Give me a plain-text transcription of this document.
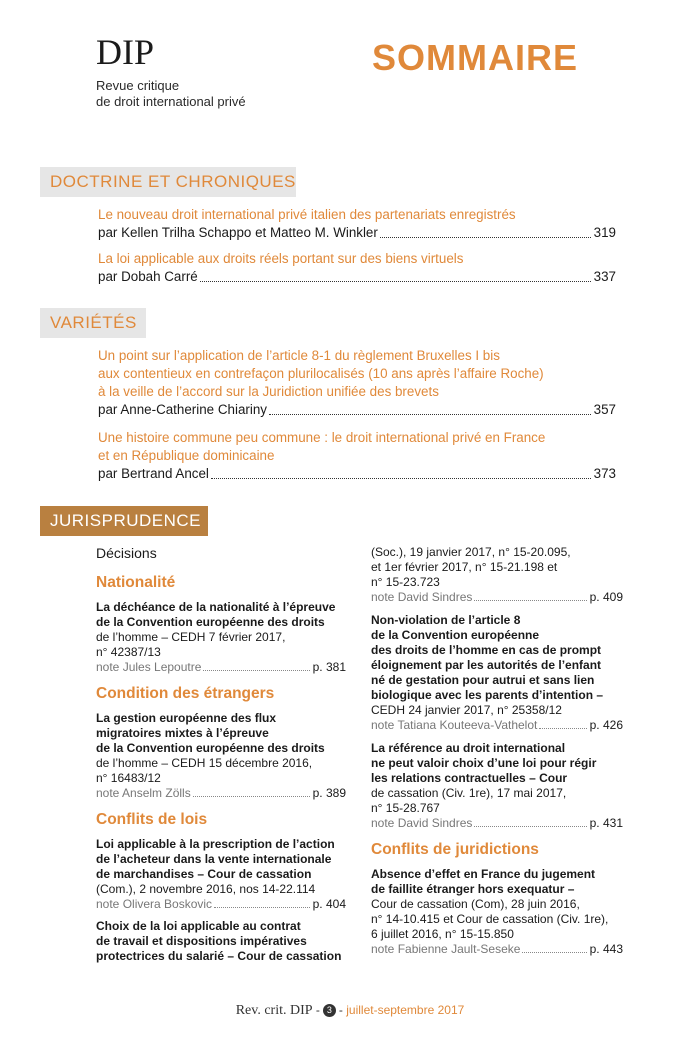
DIP
Revue critique
de droit international privé
SOMMAIRE
DOCTRINE ET CHRONIQUES
Le nouveau droit international privé italien des partenariats enregistrés
par Kellen Trilha Schappo et Matteo M. Winkler	319
La loi applicable aux droits réels portant sur des biens virtuels
par Dobah Carré	337
VARIÉTÉS
Un point sur l’application de l’article 8-1 du règlement Bruxelles I bis
aux contentieux en contrefaçon plurilocalisés (10 ans après l’affaire Roche)
à la veille de l’accord sur la Juridiction unifiée des brevets
par Anne-Catherine Chiariny	357
Une histoire commune peu commune : le droit international privé en France
et en République dominicaine
par Bertrand Ancel	373
JURISPRUDENCE
Décisions
Nationalité
La déchéance de la nationalité à l’épreuve
de la Convention européenne des droits
de l’homme – CEDH 7 février 2017,
n° 42387/13
note Jules Lepoutre	p. 381
Condition des étrangers
La gestion européenne des flux
migratoires mixtes à l’épreuve
de la Convention européenne des droits
de l’homme – CEDH 15 décembre 2016,
n° 16483/12
note Anselm Zölls	p. 389
Conflits de lois
Loi applicable à la prescription de l’action
de l’acheteur dans la vente internationale
de marchandises – Cour de cassation
(Com.), 2 novembre 2016, nos 14-22.114
note Olivera Boskovic	p. 404
Choix de la loi applicable au contrat
de travail et dispositions impératives
protectrices du salarié – Cour de cassation
(Soc.), 19 janvier 2017, n° 15-20.095,
et 1er février 2017, n° 15-21.198 et
n° 15-23.723
note David Sindres	p. 409
Non-violation de l’article 8
de la Convention européenne
des droits de l’homme en cas de prompt
éloignement par les autorités de l’enfant
né de gestation pour autrui et sans lien
biologique avec les parents d’intention –
CEDH 24 janvier 2017, n° 25358/12
note Tatiana Kouteeva-Vathelot	p. 426
La référence au droit international
ne peut valoir choix d’une loi pour régir
les relations contractuelles – Cour
de cassation (Civ. 1re), 17 mai 2017,
n° 15-28.767
note David Sindres	p. 431
Conflits de juridictions
Absence d’effet en France du jugement
de faillite étranger hors exequatur –
Cour de cassation (Com), 28 juin 2016,
n° 14-10.415 et Cour de cassation (Civ. 1re),
6 juillet 2016, n° 15-15.850
note Fabienne Jault-Seseke	p. 443
Rev. crit. DIP - 3 - juillet-septembre 2017
